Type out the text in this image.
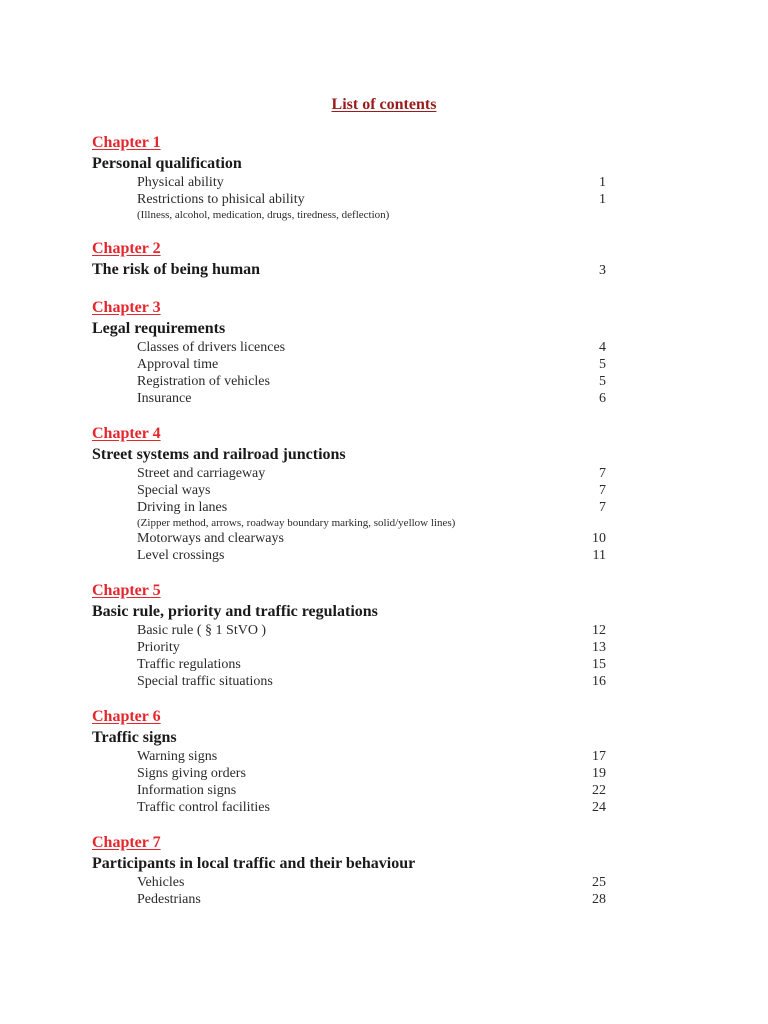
List of contents
Chapter 1
Personal qualification
Physical ability	1
Restrictions to phisical ability	1
(Illness, alcohol, medication, drugs, tiredness, deflection)
Chapter 2
The risk of being human	3
Chapter 3
Legal requirements
Classes of drivers licences	4
Approval time	5
Registration of vehicles	5
Insurance	6
Chapter 4
Street systems and railroad junctions
Street and carriageway	7
Special ways	7
Driving in lanes	7
(Zipper method, arrows, roadway boundary marking, solid/yellow lines)
Motorways and clearways	10
Level crossings	11
Chapter 5
Basic rule, priority and traffic regulations
Basic rule ( § 1 StVO )	12
Priority	13
Traffic regulations	15
Special traffic situations	16
Chapter 6
Traffic signs
Warning signs	17
Signs giving orders	19
Information signs	22
Traffic control facilities	24
Chapter 7
Participants in local traffic and their behaviour
Vehicles	25
Pedestrians	28
